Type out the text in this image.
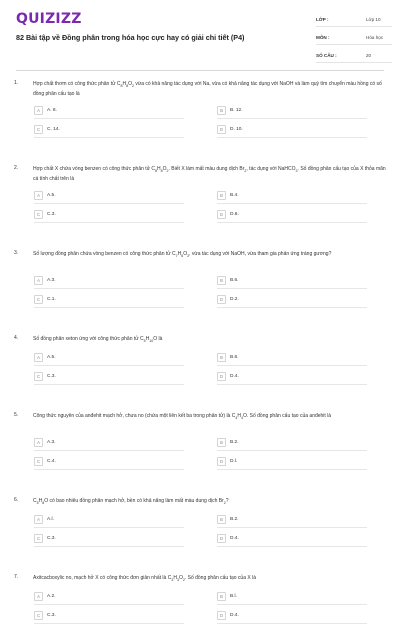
QUIZIZZ
82 Bài tập về Đồng phân trong hóa học cực hay có giải chi tiết (P4)
LỚP :	Lớp 10
MÔN :	Hóa học
SỐ CÂU :	20
1.	Hợp chất thơm có công thức phân tử $C_8H_8O_2$ vừa có khả năng tác dụng với Na, vừa có khả năng tác dụng với NaOH và làm quỳ tím chuyển màu hồng có số đồng phân cấu tạo là
A	A. 8.	B	B. 12.
C	C. 14.	D	D. 10.
2.	Hợp chất X chứa vòng benzen có công thức phân tử $C_8H_8O_2$. Biết X làm mất màu dung dịch $Br_2$, tác dụng với NaHCO$_3$. Số đồng phân cấu tạo của X thỏa mãn cá tính chất trên là
A	A.5.	B	B.4.
C	C.3.	D	D.6.
3.	Số lượng đồng phân chứa vòng benzen có công thức phân tử $C_7H_6O_2$, vừa tác dụng với NaOH, vừa tham gia phản ứng tráng gương?
A	A.3.	B	B.6.
C	C.1.	D	D.2.
4.	Số đồng phân xeton ứng với công thức phân tử $C_5H_{10}O$ là
A	A.5.	B	B.6.
C	C.3.	D	D.4.
5.	Công thức nguyên của anđehit mạch hở, chưa no (chứa một liên kết ba trong phân tử) là $C_4H_4O$. Số đồng phân cấu tạo của anđehit là
A	A.3.	B	B.2.
C	C.4.	D	D.l.
6.	$C_5H_8O$ có bao nhiêu đồng phân mạch hở, bền có khả năng làm mất màu dung dịch $Br_2$?
A	A.l.	B	B.2.
C	C.3.	D	D.4.
7.	Axitcacboxylic no, mạch hở X có công thức đơn giản nhất là $C_3H_3O_2$. Số đồng phân cấu tạo của X là
A	A.2.	B	B.l.
C	C.3.	D	D.4.
